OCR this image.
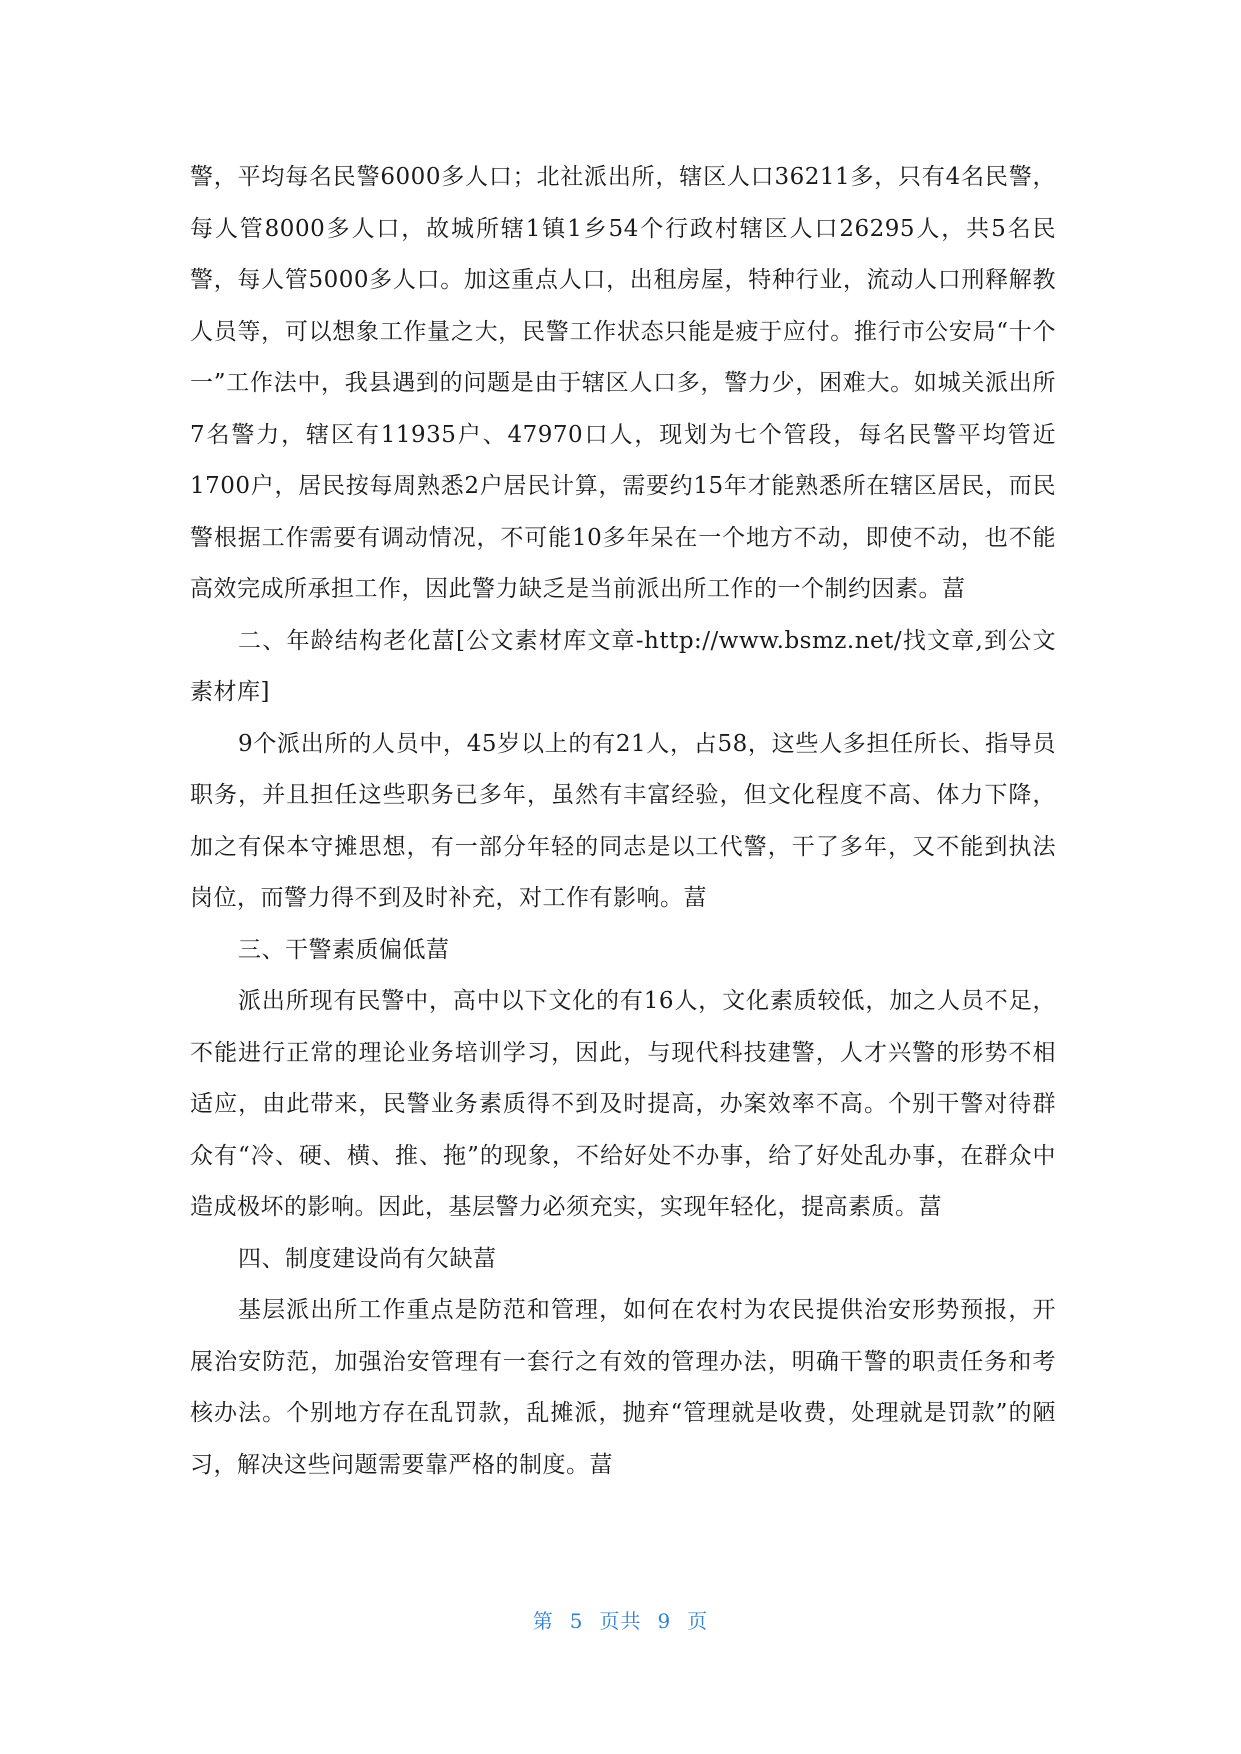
警，平均每名民警6000多人口；北社派出所，辖区人口36211多，只有4名民警，每人管8000多人口，故城所辖1镇1乡54个行政村辖区人口26295人，共5名民警，每人管5000多人口。加这重点人口，出租房屋，特种行业，流动人口刑释解教人员等，可以想象工作量之大，民警工作状态只能是疲于应付。推行市公安局“十个一”工作法中，我县遇到的问题是由于辖区人口多，警力少，困难大。如城关派出所7名警力，辖区有11935户、47970口人，现划为七个管段，每名民警平均管近1700户，居民按每周熟悉2户居民计算，需要约15年才能熟悉所在辖区居民，而民警根据工作需要有调动情况，不可能10多年呆在一个地方不动，即使不动，也不能高效完成所承担工作，因此警力缺乏是当前派出所工作的一个制约因素。葍

二、年龄结构老化葍[公文素材库文章-http://www.bsmz.net/找文章,到公文素材库]

9个派出所的人员中，45岁以上的有21人，占58，这些人多担任所长、指导员职务，并且担任这些职务已多年，虽然有丰富经验，但文化程度不高、体力下降，加之有保本守摊思想，有一部分年轻的同志是以工代警，干了多年，又不能到执法岗位，而警力得不到及时补充，对工作有影响。葍

三、干警素质偏低葍

派出所现有民警中，高中以下文化的有16人，文化素质较低，加之人员不足，不能进行正常的理论业务培训学习，因此，与现代科技建警，人才兴警的形势不相适应，由此带来，民警业务素质得不到及时提高，办案效率不高。个别干警对待群众有“冷、硬、横、推、拖”的现象，不给好处不办事，给了好处乱办事，在群众中造成极坏的影响。因此，基层警力必须充实，实现年轻化，提高素质。葍

四、制度建设尚有欠缺葍

基层派出所工作重点是防范和管理，如何在农村为农民提供治安形势预报，开展治安防范，加强治安管理有一套行之有效的管理办法，明确干警的职责任务和考核办法。个别地方存在乱罚款，乱摊派，抛弃“管理就是收费，处理就是罚款”的陋习，解决这些问题需要靠严格的制度。葍

第 5 页共 9 页
